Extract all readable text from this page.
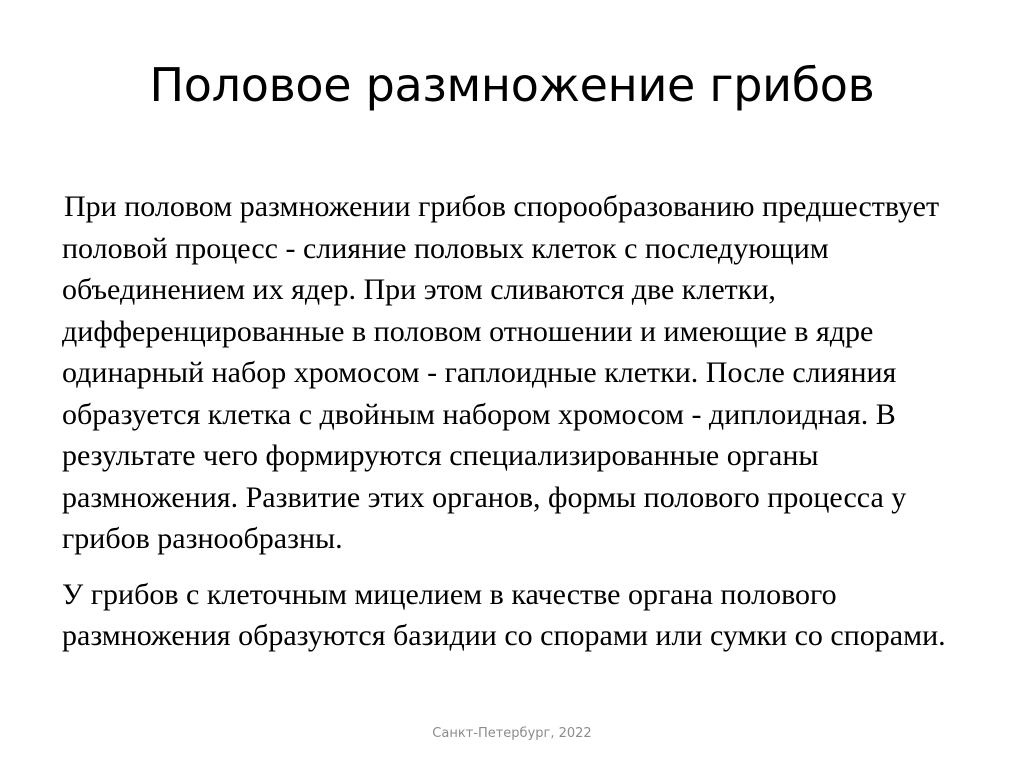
Половое размножение грибов

При половом размножении грибов спорообразованию предшествует половой процесс - слияние половых клеток с последующим объединением их ядер. При этом сливаются две клетки, дифференцированные в половом отношении и имеющие в ядре одинарный набор хромосом - гаплоидные клетки. После слияния образуется клетка с двойным набором хромосом - диплоидная. В результате чего формируются специализированные органы размножения. Развитие этих органов, формы полового процесса у грибов разнообразны.

У грибов с клеточным мицелием в качестве органа полового размножения образуются базидии со спорами или сумки со спорами.

Санкт-Петербург, 2022
